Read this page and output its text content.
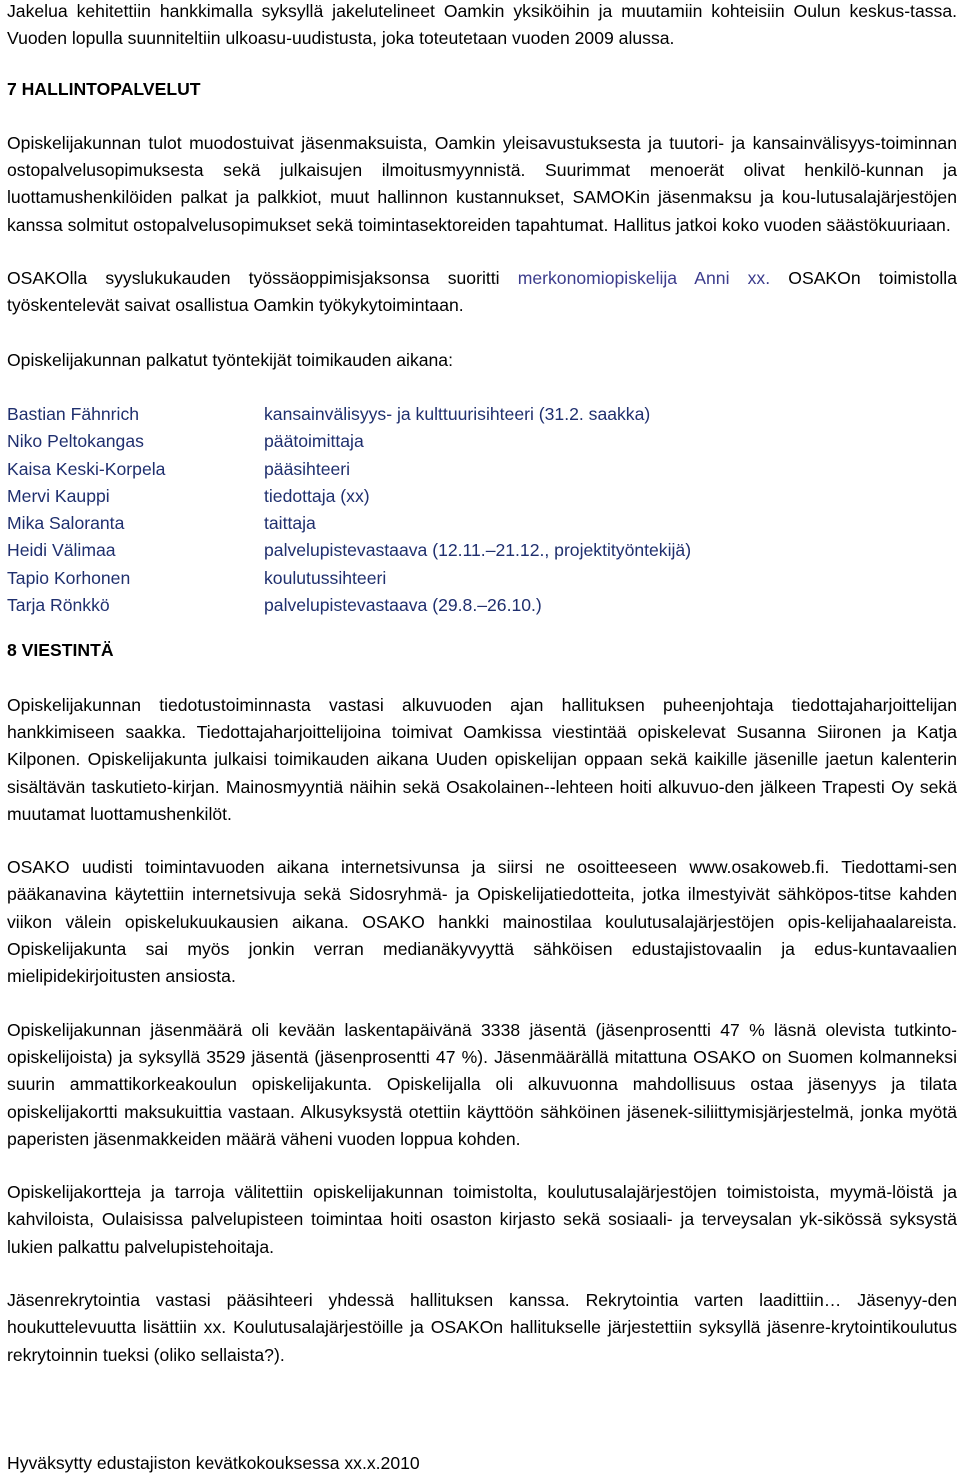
Jakelua kehitettiin hankkimalla syksyllä jakelutelineet Oamkin yksiköihin ja muutamiin kohteisiin Oulun keskus-tassa. Vuoden lopulla suunniteltiin ulkoasu-uudistusta, joka toteutetaan vuoden 2009 alussa.

7 HALLINTOPALVELUT

Opiskelijakunnan tulot muodostuivat jäsenmaksuista, Oamkin yleisavustuksesta ja tuutori- ja kansainvälisyys-toiminnan ostopalvelusopimuksesta sekä julkaisujen ilmoitusmyynnistä. Suurimmat menoerät olivat henkilö-kunnan ja luottamushenkilöiden palkat ja palkkiot, muut hallinnon kustannukset, SAMOKin jäsenmaksu ja kou-lutusalajärjestöjen kanssa solmitut ostopalvelusopimukset sekä toimintasektoreiden tapahtumat. Hallitus jatkoi koko vuoden säästökuuriaan.

OSAKOlla syyslukukauden työssäoppimisjaksonsa suoritti merkonomiopiskelija Anni xx. OSAKOn toimistolla työskentelevät saivat osallistua Oamkin työkykytoimintaan.

Opiskelijakunnan palkatut työntekijät toimikauden aikana:

Bastian Fähnrich	kansainvälisyys- ja kulttuurisihteeri (31.2. saakka)
Niko Peltokangas	päätoimittaja
Kaisa Keski-Korpela	pääsihteeri
Mervi Kauppi	tiedottaja (xx)
Mika Saloranta	taittaja
Heidi Välimaa	palvelupistevastaava (12.11.–21.12., projektityöntekijä)
Tapio Korhonen	koulutussihteeri
Tarja Rönkkö	palvelupistevastaava (29.8.–26.10.)
8 VIESTINTÄ

Opiskelijakunnan tiedotustoiminnasta vastasi alkuvuoden ajan hallituksen puheenjohtaja tiedottajaharjoittelijan hankkimiseen saakka. Tiedottajaharjoittelijoina toimivat Oamkissa viestintää opiskelevat Susanna Siironen ja Katja Kilponen. Opiskelijakunta julkaisi toimikauden aikana Uuden opiskelijan oppaan sekä kaikille jäsenille jaetun kalenterin sisältävän taskutieto-kirjan. Mainosmyyntiä näihin sekä Osakolainen--lehteen hoiti alkuvuo-den jälkeen Trapesti Oy sekä muutamat luottamushenkilöt.

OSAKO uudisti toimintavuoden aikana internetsivunsa ja siirsi ne osoitteeseen www.osakoweb.fi. Tiedottami-sen pääkanavina käytettiin internetsivuja sekä Sidosryhmä- ja Opiskelijatiedotteita, jotka ilmestyivät sähköpos-titse kahden viikon välein opiskelukuukausien aikana. OSAKO hankki mainostilaa koulutusalajärjestöjen opis-kelijahaalareista. Opiskelijakunta sai myös jonkin verran medianäkyvyyttä sähköisen edustajistovaalin ja edus-kuntavaalien mielipidekirjoitusten ansiosta.

Opiskelijakunnan jäsenmäärä oli kevään laskentapäivänä 3338 jäsentä (jäsenprosentti 47 % läsnä olevista tutkinto-opiskelijoista) ja syksyllä 3529 jäsentä (jäsenprosentti 47 %). Jäsenmäärällä mitattuna OSAKO on Suomen kolmanneksi suurin ammattikorkeakoulun opiskelijakunta. Opiskelijalla oli alkuvuonna mahdollisuus ostaa jäsenyys ja tilata opiskelijakortti maksukuittia vastaan. Alkusyksystä otettiin käyttöön sähköinen jäsenek-siliittymisjärjestelmä, jonka myötä paperisten jäsenmakkeiden määrä väheni vuoden loppua kohden.

Opiskelijakortteja ja tarroja välitettiin opiskelijakunnan toimistolta, koulutusalajärjestöjen toimistoista, myymä-löistä ja kahviloista, Oulaisissa palvelupisteen toimintaa hoiti osaston kirjasto sekä sosiaali- ja terveysalan yk-sikössä syksystä lukien palkattu palvelupistehoitaja.

Jäsenrekrytointia vastasi pääsihteeri yhdessä hallituksen kanssa. Rekrytointia varten laadittiin… Jäsenyy-den houkuttelevuutta lisättiin xx. Koulutusalajärjestöille ja OSAKOn hallitukselle järjestettiin syksyllä jäsenre-krytointikoulutus rekrytoinnin tueksi (oliko sellaista?).

Hyväksytty edustajiston kevätkokouksessa xx.x.2010
